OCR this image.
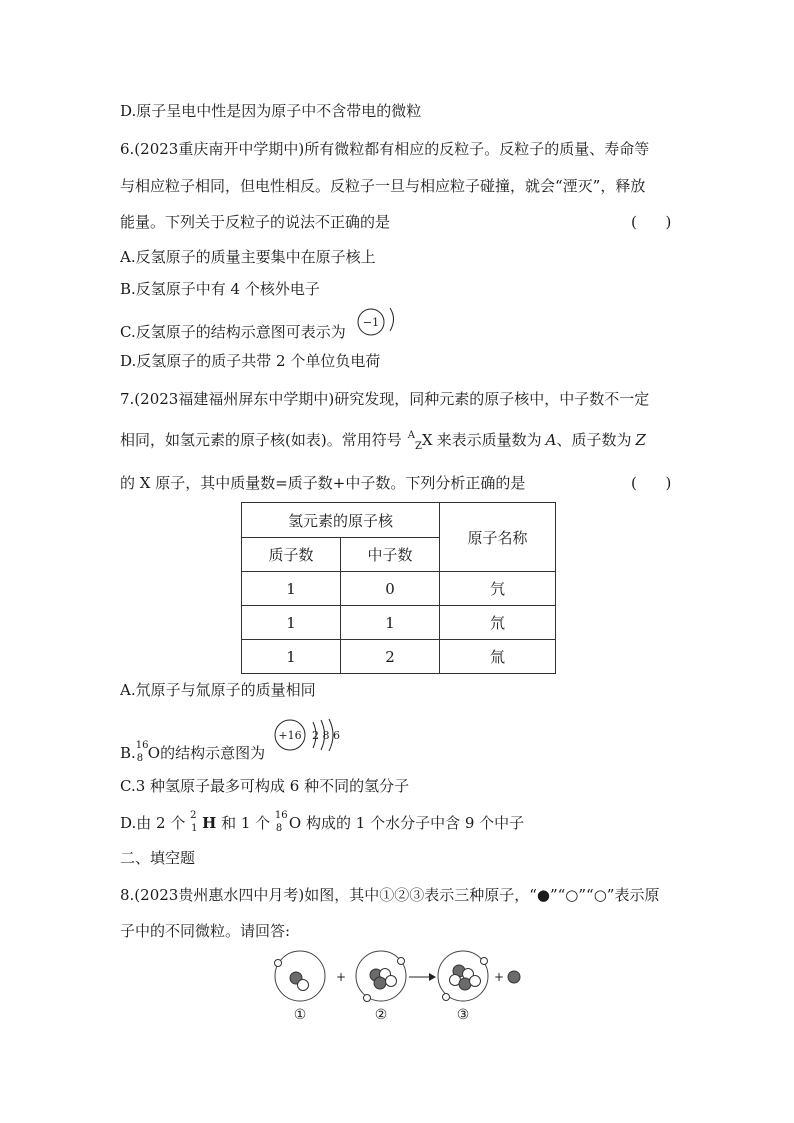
D.原子呈电中性是因为原子中不含带电的微粒
6.(2023重庆南开中学期中)所有微粒都有相应的反粒子。反粒子的质量、寿命等
与相应粒子相同，但电性相反。反粒子一旦与相应粒子碰撞，就会“湮灭”，释放
能量。下列关于反粒子的说法不正确的是	(      )
A.反氢原子的质量主要集中在原子核上
B.反氢原子中有 4 个核外电子
C.反氢原子的结构示意图可表示为
−1
D.反氢原子的质子共带 2 个单位负电荷
7.(2023福建福州屏东中学期中)研究发现，同种元素的原子核中，中子数不一定
相同，如氢元素的原子核(如表)。常用符号 $^A_Z$X 来表示质量数为 A、质子数为 Z
的 X 原子，其中质量数=质子数+中子数。下列分析正确的是	(      )
氢元素的原子核		原子名称
质子数	中子数	
1	0	氕
1	1	氘
1	2	氚
A.氘原子与氚原子的质量相同
B. 16
8 O的结构示意图为
+16 2 8 6
C.3 种氢原子最多可构成 6 种不同的氢分子
D.由 2 个 2
1 H 和 1 个 16
8 O 构成的 1 个水分子中含 9 个中子
二、填空题
8.(2023贵州惠水四中月考)如图，其中①②③表示三种原子，“●”“○”“○”表示原
子中的不同微粒。请回答:
①
+
②	③
+
